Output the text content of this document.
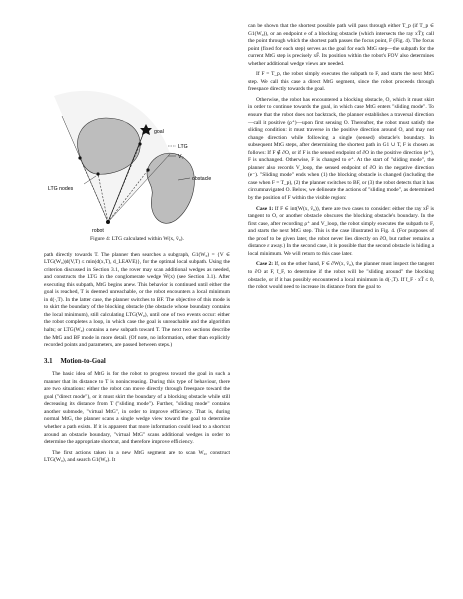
goal
LTG
V₀
LTG nodes
obstacle
robot
Figure 4: LTG calculated within W(x, v̄₀).

path directly towards T. The planner then searches a subgraph, G1(W₀) = {V ∈ LTG(W₀)|d(V,T) ≤ min(d(x,T), d_LEAVE)}, for the optimal local subpath. Using the criterion discussed in Section 3.1, the rover may scan additional wedges as needed, and constructs the LTG in the conglomerate wedge W̄(x) (see Section 3.1). After executing this subpath, MtG begins anew. This behavior is continued until either the goal is reached, T is deemed unreachable, or the robot encounters a local minimum in d(·,T). In the latter case, the planner switches to BF. The objective of this mode is to skirt the boundary of the blocking obstacle (the obstacle whose boundary contains the local minimum), still calculating LTG(W₀), until one of two events occur: either the robot completes a loop, in which case the goal is unreachable and the algorithm halts; or LTG(W₀) contains a new subpath toward T. The next two sections describe the MtG and BF mode in more detail. (Of note, no information, other than explicitly recorded points and parameters, are passed between steps.)

3.1 Motion-to-Goal

The basic idea of MtG is for the robot to progress toward the goal in such a manner that its distance to T is nonincreasing. During this type of behaviour, there are two situations: either the robot can move directly through freespace toward the goal ("direct mode"), or it must skirt the boundary of a blocking obstacle while still decreasing its distance from T ("sliding mode"). Further, "sliding mode" contains another submode, "virtual MtG", in order to improve efficiency. That is, during normal MtG, the planner scans a single wedge view toward the goal to determine whether a path exists. If it is apparent that more information could lead to a shortcut around an obstacle boundary, "virtual MtG" scans additional wedges in order to determine the appropriate shortcut, and therefore improve efficiency.

The first actions taken in a new MtG segment are to scan W₀, construct LTG(W₀), and search G1(W₀). It

can be shown that the shortest possible path will pass through either T_p (if T_p ∈ G1(W₀)), or an endpoint e of a blocking obstacle (which intersects the ray xT̄); call the point through which the shortest path passes the focus point, F (Fig. 4). The focus point (fixed for each step) serves as the goal for each MtG step—the subpath for the current MtG step is precisely xF̄. Its position within the robot's FOV also determines whether additional wedge views are needed.

If F = T_p, the robot simply executes the subpath to F, and starts the next MtG step. We call this case a direct MtG segment, since the robot proceeds through freespace directly towards the goal.

Otherwise, the robot has encountered a blocking obstacle, O, which it must skirt in order to continue towards the goal, in which case MtG enters "sliding mode". To ensure that the robot does not backtrack, the planner establishes a traversal direction—call it positive (ρ⁺)—upon first sensing O. Thereafter, the robot must satisfy the sliding condition: it must traverse in the positive direction around O, and may not change direction while following a single (sensed) obstacle's boundary. In subsequent MtG steps, after determining the shortest path in G1 ∪ T, F is chosen as follows: If F ∉ ∂O, or if F is the sensed endpoint of ∂O in the positive direction (e⁺), F is unchanged. Otherwise, F is changed to e⁺. At the start of "sliding mode", the planner also records V_loop, the sensed endpoint of ∂O in the negative direction (e⁻). "Sliding mode" ends when (1) the blocking obstacle is changed (including the case when F = T_p), (2) the planner switches to BF, or (3) the robot detects that it has circumnavigated O. Below, we delineate the actions of "sliding mode", as determined by the position of F within the visible region:

Case 1: If F ∈ int(W(x, v̄₀)), there are two cases to consider: either the ray xF̄ is tangent to O, or another obstacle obscures the blocking obstacle's boundary. In the first case, after recording ρ⁺ and V_loop, the robot simply executes the subpath to F, and starts the next MtG step. This is the case illustrated in Fig. 4. (For purposes of the proof to be given later, the robot never lies directly on ∂O, but rather remains a distance ε away.) In the second case, it is possible that the second obstacle is hiding a local minimum. We will return to this case later.

Case 2: If, on the other hand, F ∈ ∂W(x, v̄₀), the planner must inspect the tangent to ∂O at F, t̄_F, to determine if the robot will be "sliding around" the blocking obstacle, or if it has possibly encountered a local minimum in d(·,T). If t̄_F · xT̄ ≤ 0, the robot would need to increase its distance from the goal to
